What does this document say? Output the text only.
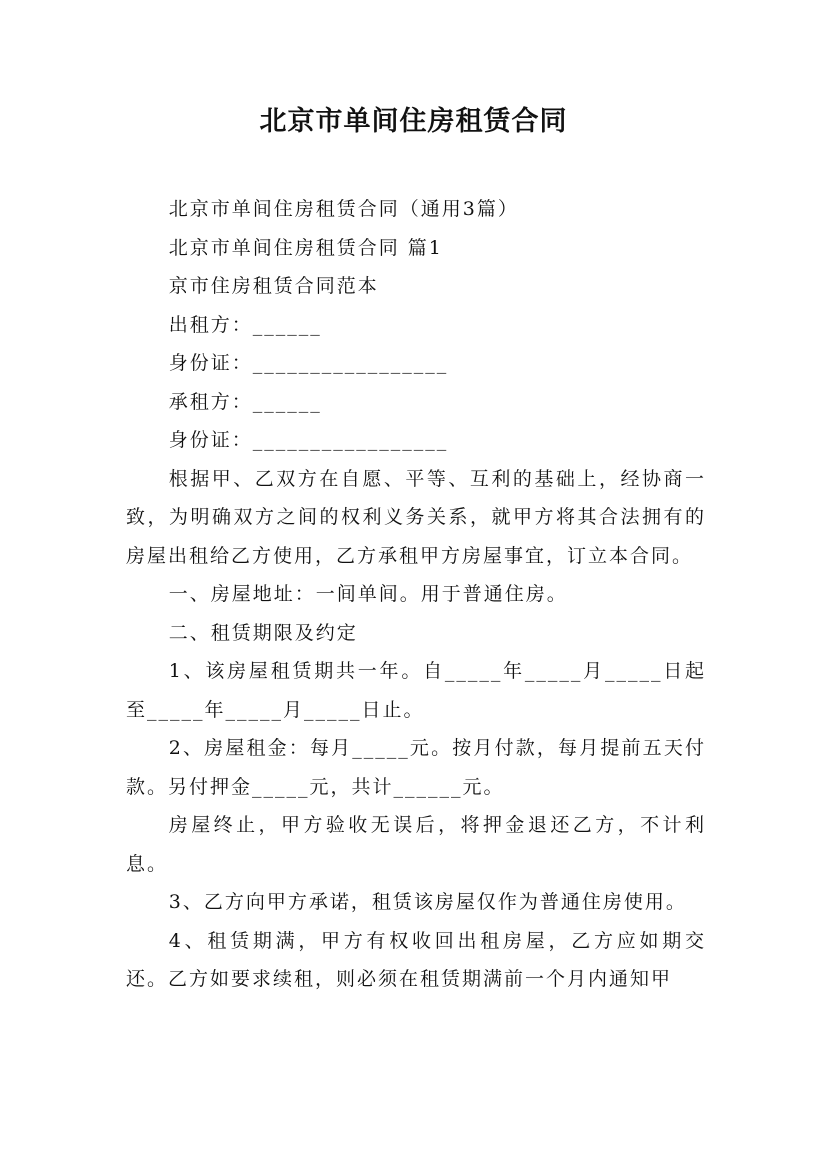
北京市单间住房租赁合同

北京市单间住房租赁合同（通用3篇）

北京市单间住房租赁合同 篇1

京市住房租赁合同范本

出租方：______

身份证：_________________

承租方：______

身份证：_________________

根据甲、乙双方在自愿、平等、互利的基础上，经协商一致，为明确双方之间的权利义务关系，就甲方将其合法拥有的房屋出租给乙方使用，乙方承租甲方房屋事宜，订立本合同。

一、房屋地址：一间单间。用于普通住房。

二、租赁期限及约定

1、该房屋租赁期共一年。自_____年_____月_____日起至_____年_____月_____日止。

2、房屋租金：每月_____元。按月付款，每月提前五天付款。另付押金_____元，共计______元。

房屋终止，甲方验收无误后，将押金退还乙方，不计利息。

3、乙方向甲方承诺，租赁该房屋仅作为普通住房使用。

4、租赁期满，甲方有权收回出租房屋，乙方应如期交还。乙方如要求续租，则必须在租赁期满前一个月内通知甲
